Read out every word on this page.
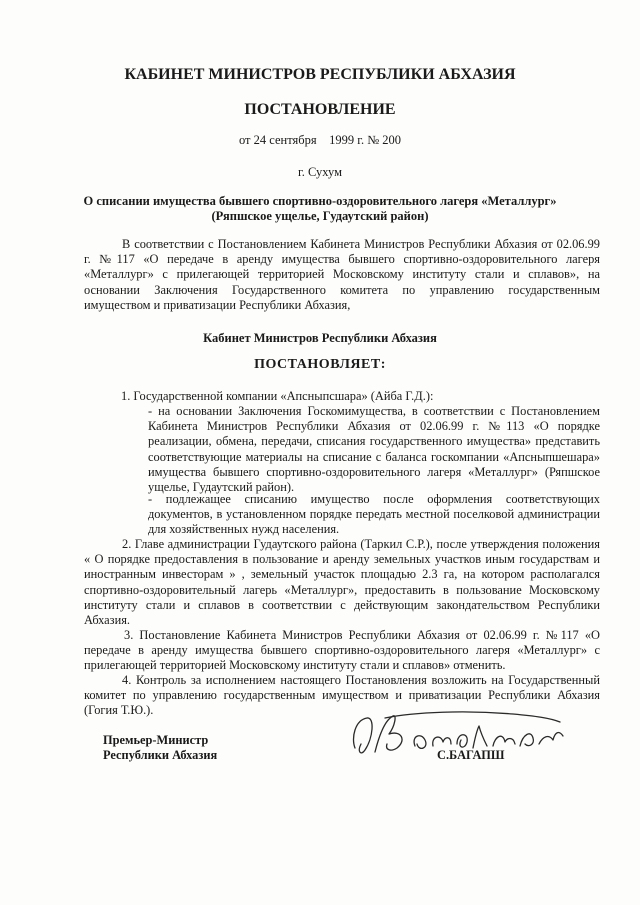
КАБИНЕТ МИНИСТРОВ РЕСПУБЛИКИ АБХАЗИЯ
ПОСТАНОВЛЕНИЕ
от 24 сентября    1999 г. № 200
г. Сухум
О списании имущества бывшего спортивно-оздоровительного лагеря «Металлург»
(Ряпшское ущелье, Гудаутский район)
В соответствии с Постановлением Кабинета Министров Республики Абхазия от 02.06.99 г. №117 «О передаче в аренду имущества бывшего спортивно-оздоровительного лагеря «Металлург» с прилегающей территорией Московскому институту стали и сплавов», на основании Заключения Государственного комитета по управлению государственным имуществом и приватизации Республики Абхазия,
Кабинет Министров Республики Абхазия
ПОСТАНОВЛЯЕТ:
1. Государственной компании «Апсныпсшара» (Айба Г.Д.):
- на основании Заключения Госкомимущества, в соответствии с Постановлением Кабинета Министров Республики Абхазия от 02.06.99 г. №113 «О порядке реализации, обмена, передачи, списания государственного имущества» представить соответствующие материалы на списание с баланса госкомпании «Апсныпшешара» имущества бывшего спортивно-оздоровительного лагеря «Металлург» (Ряпшское ущелье, Гудаутский район).
- подлежащее списанию имущество после оформления соответствующих документов, в установленном порядке передать местной поселковой администрации для хозяйственных нужд населения.
2. Главе администрации Гудаутского района (Таркил С.Р.), после утверждения положения « О порядке предоставления в пользование и аренду земельных участков иным государствам и иностранным инвесторам » , земельный участок площадью 2.3 га, на котором располагался спортивно-оздоровительный лагерь «Металлург», предоставить в пользование Московскому институту стали и сплавов в соответствии с действующим закондательством Республики Абхазия.
3. Постановление Кабинета Министров Республики Абхазия от 02.06.99 г. №117 «О передаче в аренду имущества бывшего спортивно-оздоровительного лагеря «Металлург» с прилегающей территорией Московскому институту стали и сплавов» отменить.
4. Контроль за исполнением настоящего Постановления возложить на Государственный комитет по управлению государственным имуществом и приватизации Республики Абхазия (Гогия Т.Ю.).
Премьер-Министр
Республики Абхазия	С.БАГАПШ
